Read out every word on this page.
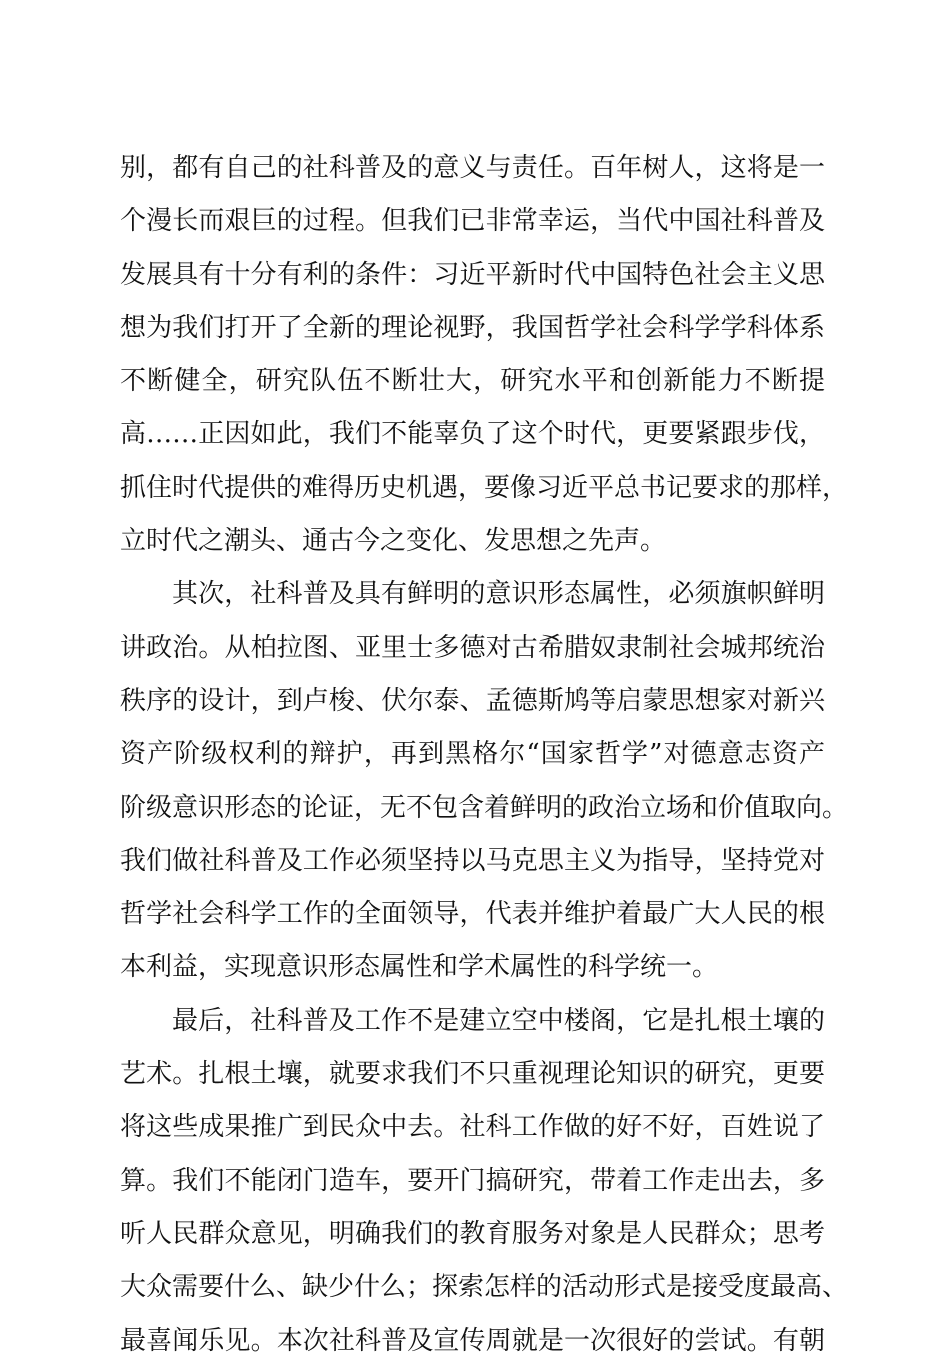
别，都有自己的社科普及的意义与责任。百年树人，这将是一
个漫长而艰巨的过程。但我们已非常幸运，当代中国社科普及
发展具有十分有利的条件：习近平新时代中国特色社会主义思
想为我们打开了全新的理论视野，我国哲学社会科学学科体系
不断健全，研究队伍不断壮大，研究水平和创新能力不断提
高……正因如此，我们不能辜负了这个时代，更要紧跟步伐，
抓住时代提供的难得历史机遇，要像习近平总书记要求的那样，
立时代之潮头、通古今之变化、发思想之先声。
其次，社科普及具有鲜明的意识形态属性，必须旗帜鲜明
讲政治。从柏拉图、亚里士多德对古希腊奴隶制社会城邦统治
秩序的设计，到卢梭、伏尔泰、孟德斯鸠等启蒙思想家对新兴
资产阶级权利的辩护，再到黑格尔“国家哲学”对德意志资产
阶级意识形态的论证，无不包含着鲜明的政治立场和价值取向。
我们做社科普及工作必须坚持以马克思主义为指导，坚持党对
哲学社会科学工作的全面领导，代表并维护着最广大人民的根
本利益，实现意识形态属性和学术属性的科学统一。
最后，社科普及工作不是建立空中楼阁，它是扎根土壤的
艺术。扎根土壤，就要求我们不只重视理论知识的研究，更要
将这些成果推广到民众中去。社科工作做的好不好，百姓说了
算。我们不能闭门造车，要开门搞研究，带着工作走出去，多
听人民群众意见，明确我们的教育服务对象是人民群众；思考
大众需要什么、缺少什么；探索怎样的活动形式是接受度最高、
最喜闻乐见。本次社科普及宣传周就是一次很好的尝试。有朝
